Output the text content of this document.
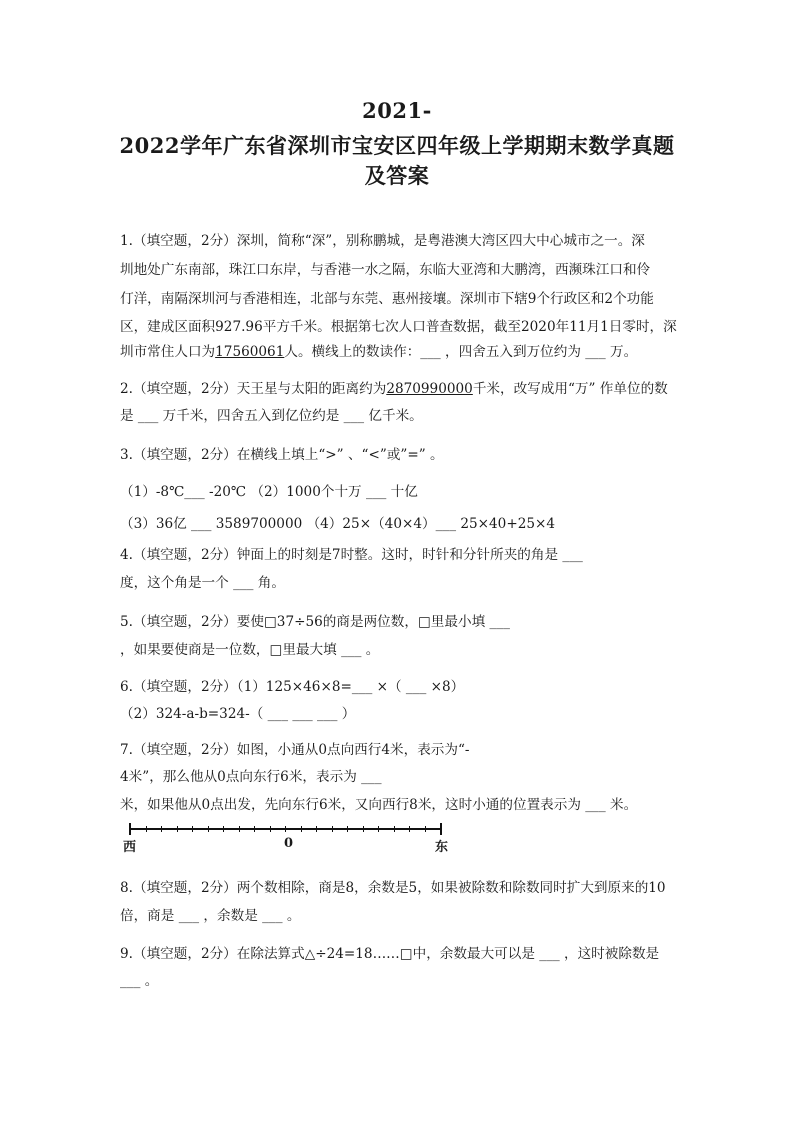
2021-
2022学年广东省深圳市宝安区四年级上学期期末数学真题
及答案
1.（填空题，2分）深圳，简称“深”，别称鹏城，是粤港澳大湾区四大中心城市之一。深
圳地处广东南部，珠江口东岸，与香港一水之隔，东临大亚湾和大鹏湾，西濒珠江口和伶
仃洋，南隔深圳河与香港相连，北部与东莞、惠州接壤。深圳市下辖9个行政区和2个功能
区，建成区面积927.96平方千米。根据第七次人口普查数据，截至2020年11月1日零时，深
圳市常住人口为17560061人。横线上的数读作：___ ，四舍五入到万位约为 ___ 万。
2.（填空题，2分）天王星与太阳的距离约为2870990000千米，改写成用“万” 作单位的数
是 ___ 万千米，四舍五入到亿位约是 ___ 亿千米。
3.（填空题，2分）在横线上填上“>” 、“<”或”=” 。
（1）-8℃___ -20℃ （2）1000个十万 ___ 十亿
（3）36亿 ___ 3589700000 （4）25×（40×4）___ 25×40+25×4
4.（填空题，2分）钟面上的时刻是7时整。这时，时针和分针所夹的角是 ___
度，这个角是一个 ___ 角。
5.（填空题，2分）要使□37÷56的商是两位数，□里最小填 ___
，如果要使商是一位数，□里最大填 ___ 。
6.（填空题，2分）（1）125×46×8=___ ×（ ___ ×8）
（2）324-a-b=324-（ ___ ___ ___ ）
7.（填空题，2分）如图，小通从0点向西行4米，表示为“-
4米”，那么他从0点向东行6米，表示为 ___
米，如果他从0点出发，先向东行6米，又向西行8米，这时小通的位置表示为 ___ 米。
西	0	东
8.（填空题，2分）两个数相除，商是8，余数是5，如果被除数和除数同时扩大到原来的10
倍，商是 ___ ，余数是 ___ 。
9.（填空题，2分）在除法算式△÷24=18……□中，余数最大可以是 ___ ，这时被除数是
___ 。
